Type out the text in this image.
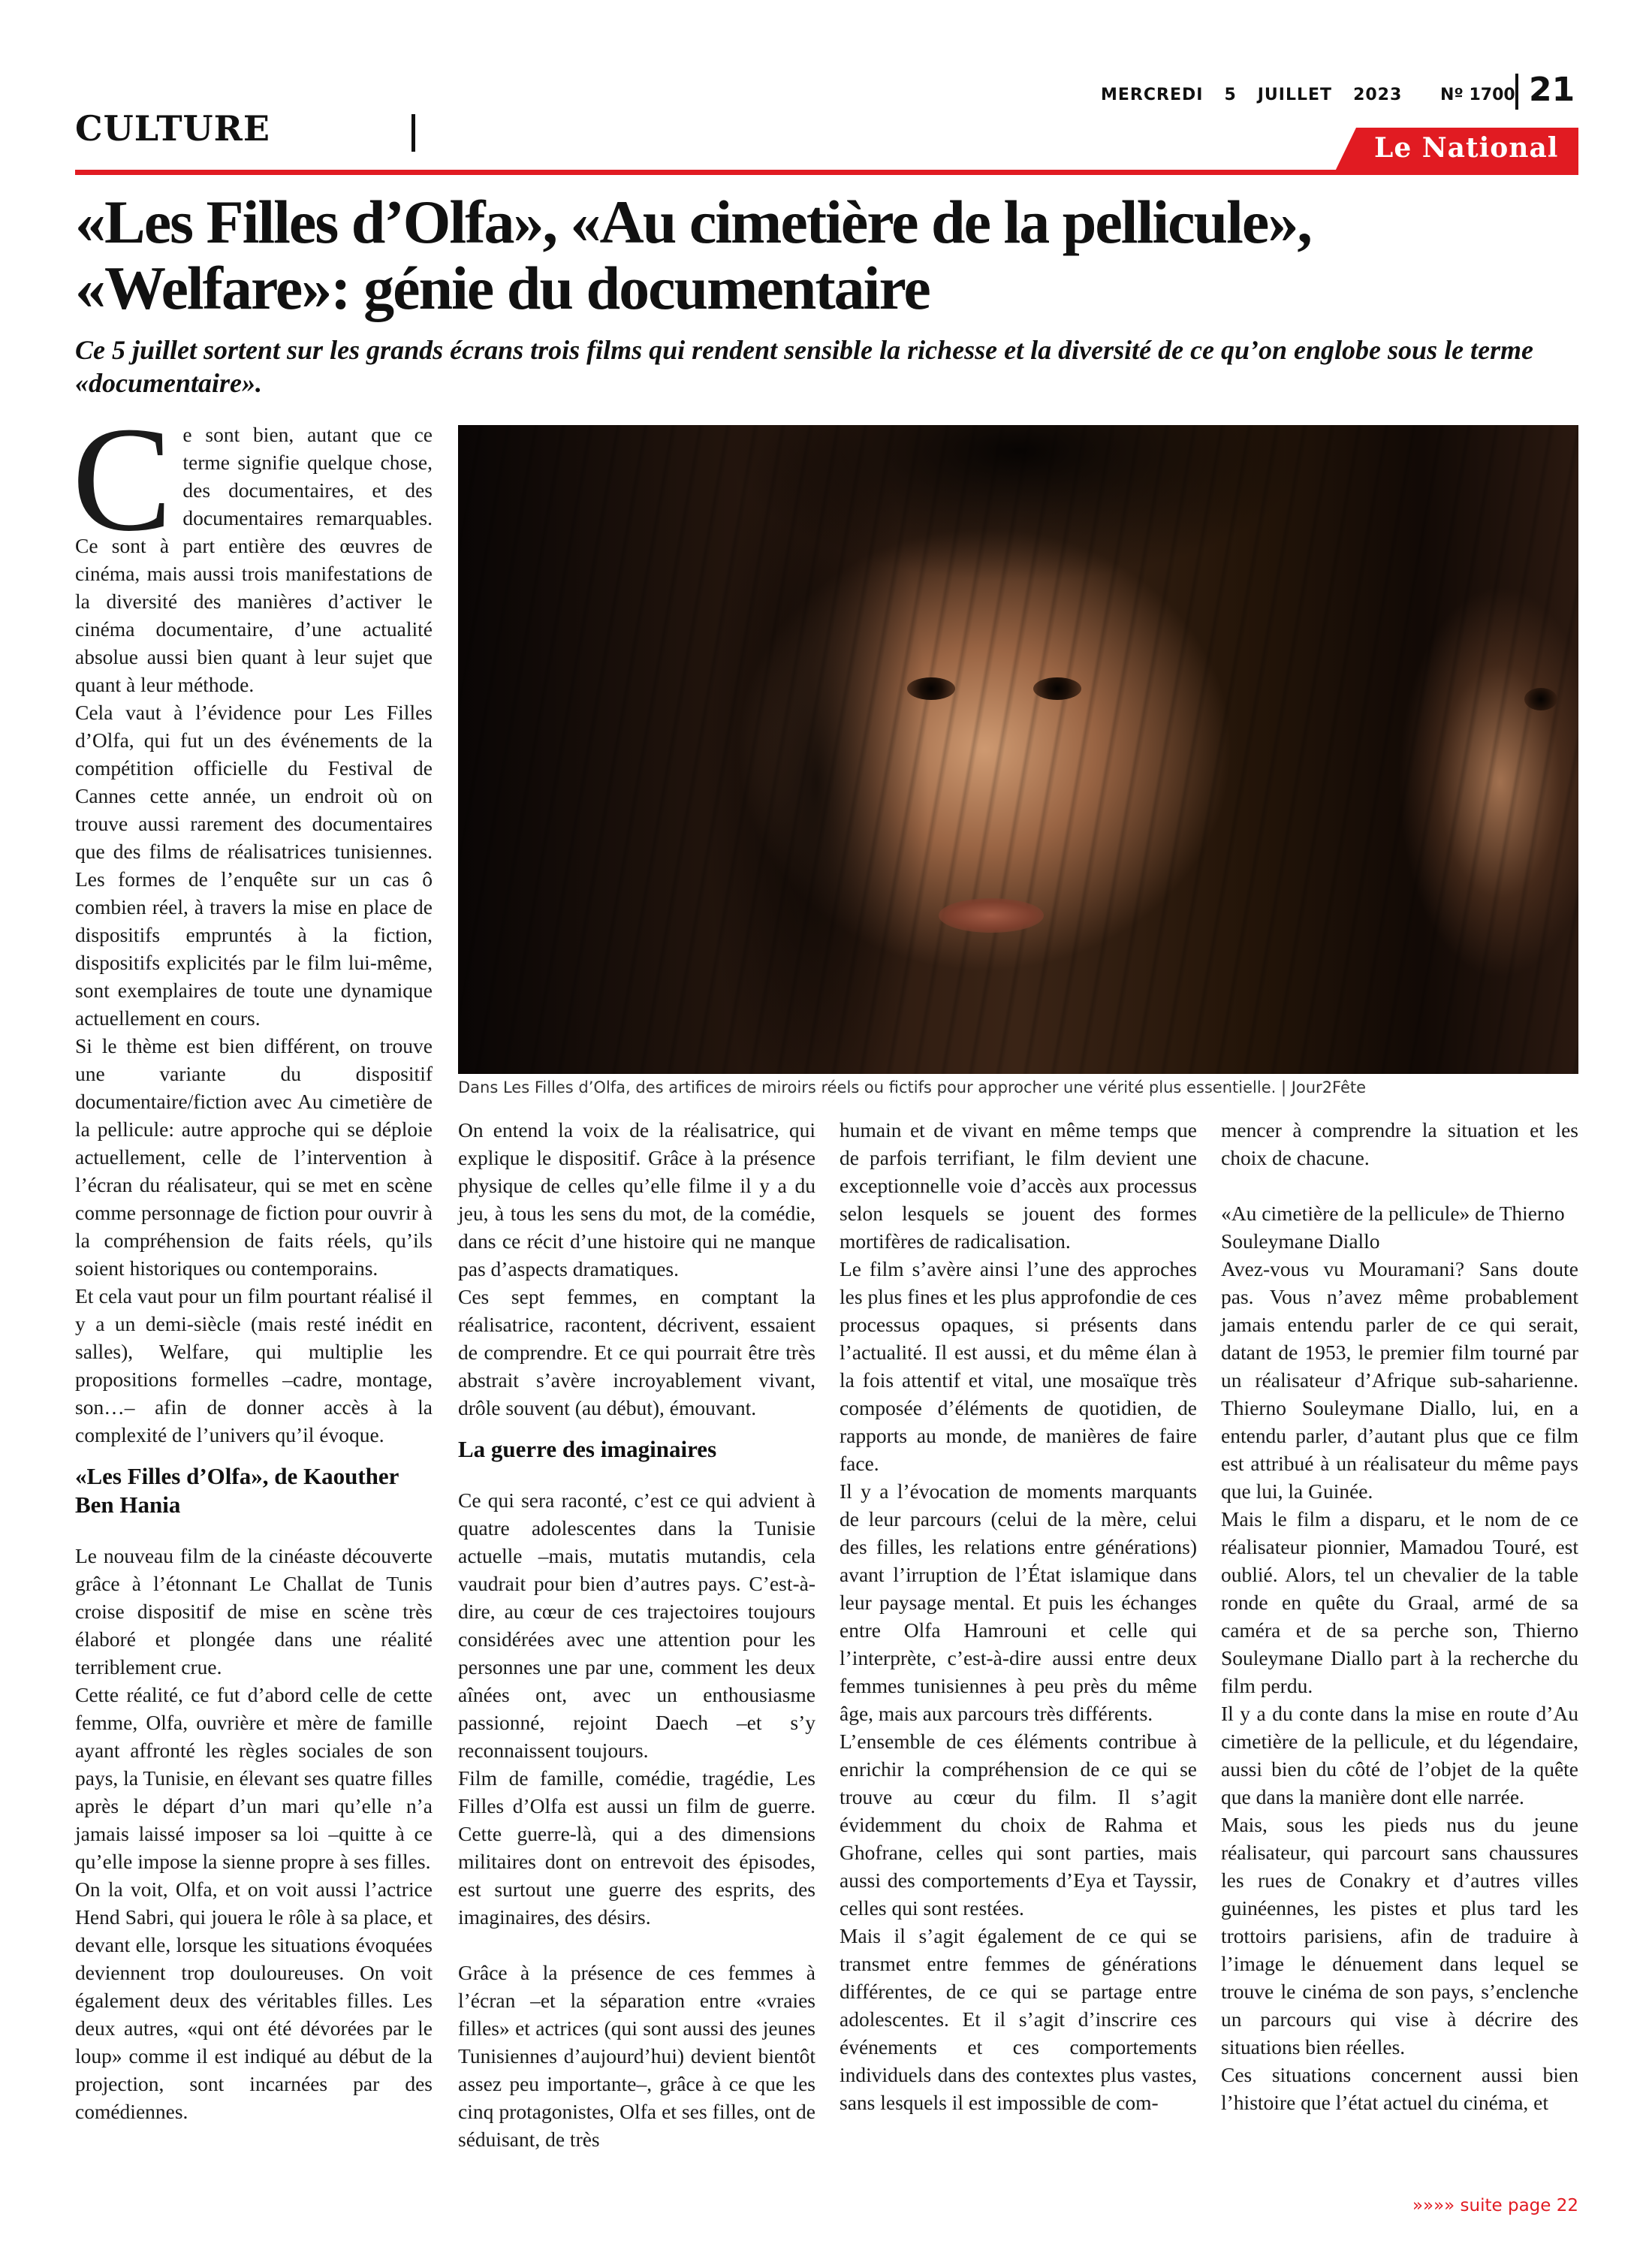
CULTURE
MERCREDI 5 JUILLET 2023	Nº 1700 21
Le National
«Les Filles d’Olfa», «Au cimetière de la pellicule»,
«Welfare»: génie du documentaire
Ce 5 juillet sortent sur les grands écrans trois films qui rendent sensible la richesse et la diversité de ce qu’on englobe sous le terme «documentaire».
Dans Les Filles d’Olfa, des artifices de miroirs réels ou fictifs pour approcher une vérité plus essentielle. | Jour2Fête

Ce sont bien, autant que ce terme signifie quelque chose, des documentaires, et des documentaires remarquables. Ce sont à part entière des œuvres de cinéma, mais aussi trois manifestations de la diversité des manières d’activer le cinéma documentaire, d’une actualité absolue aussi bien quant à leur sujet que quant à leur méthode.

Cela vaut à l’évidence pour Les Filles d’Olfa, qui fut un des événements de la compétition officielle du Festival de Cannes cette année, un endroit où on trouve aussi rarement des documentaires que des films de réalisatrices tunisiennes. Les formes de l’enquête sur un cas ô combien réel, à travers la mise en place de dispositifs empruntés à la fiction, dispositifs explicités par le film lui-même, sont exemplaires de toute une dynamique actuellement en cours.

Si le thème est bien différent, on trouve une variante du dispositif documentaire/fiction avec Au cimetière de la pellicule: autre approche qui se déploie actuellement, celle de l’intervention à l’écran du réalisateur, qui se met en scène comme personnage de fiction pour ouvrir à la compréhension de faits réels, qu’ils soient historiques ou contemporains.

Et cela vaut pour un film pourtant réalisé il y a un demi-siècle (mais resté inédit en salles), Welfare, qui multiplie les propositions formelles –cadre, montage, son…– afin de donner accès à la complexité de l’univers qu’il évoque.

«Les Filles d’Olfa», de Kaouther Ben Hania

Le nouveau film de la cinéaste découverte grâce à l’étonnant Le Challat de Tunis croise dispositif de mise en scène très élaboré et plongée dans une réalité terriblement crue.

Cette réalité, ce fut d’abord celle de cette femme, Olfa, ouvrière et mère de famille ayant affronté les règles sociales de son pays, la Tunisie, en élevant ses quatre filles après le départ d’un mari qu’elle n’a jamais laissé imposer sa loi –quitte à ce qu’elle impose la sienne propre à ses filles.

On la voit, Olfa, et on voit aussi l’actrice Hend Sabri, qui jouera le rôle à sa place, et devant elle, lorsque les situations évoquées deviennent trop douloureuses. On voit également deux des véritables filles. Les deux autres, «qui ont été dévorées par le loup» comme il est indiqué au début de la projection, sont incarnées par des comédiennes.

On entend la voix de la réalisatrice, qui explique le dispositif. Grâce à la présence physique de celles qu’elle filme il y a du jeu, à tous les sens du mot, de la comédie, dans ce récit d’une histoire qui ne manque pas d’aspects dramatiques.

Ces sept femmes, en comptant la réalisatrice, racontent, décrivent, essaient de comprendre. Et ce qui pourrait être très abstrait s’avère incroyablement vivant, drôle souvent (au début), émouvant.

La guerre des imaginaires

Ce qui sera raconté, c’est ce qui advient à quatre adolescentes dans la Tunisie actuelle –mais, mutatis mutandis, cela vaudrait pour bien d’autres pays. C’est-à-dire, au cœur de ces trajectoires toujours considérées avec une attention pour les personnes une par une, comment les deux aînées ont, avec un enthousiasme passionné, rejoint Daech –et s’y reconnaissent toujours.

Film de famille, comédie, tragédie, Les Filles d’Olfa est aussi un film de guerre. Cette guerre-là, qui a des dimensions militaires dont on entrevoit des épisodes, est surtout une guerre des esprits, des imaginaires, des désirs.

Grâce à la présence de ces femmes à l’écran –et la séparation entre «vraies filles» et actrices (qui sont aussi des jeunes Tunisiennes d’aujourd’hui) devient bientôt assez peu importante–, grâce à ce que les cinq protagonistes, Olfa et ses filles, ont de séduisant, de très

humain et de vivant en même temps que de parfois terrifiant, le film devient une exceptionnelle voie d’accès aux processus selon lesquels se jouent des formes mortifères de radicalisation.

Le film s’avère ainsi l’une des approches les plus fines et les plus approfondie de ces processus opaques, si présents dans l’actualité. Il est aussi, et du même élan à la fois attentif et vital, une mosaïque très composée d’éléments de quotidien, de rapports au monde, de manières de faire face.

Il y a l’évocation de moments marquants de leur parcours (celui de la mère, celui des filles, les relations entre générations) avant l’irruption de l’État islamique dans leur paysage mental. Et puis les échanges entre Olfa Hamrouni et celle qui l’interprète, c’est-à-dire aussi entre deux femmes tunisiennes à peu près du même âge, mais aux parcours très différents.

L’ensemble de ces éléments contribue à enrichir la compréhension de ce qui se trouve au cœur du film. Il s’agit évidemment du choix de Rahma et Ghofrane, celles qui sont parties, mais aussi des comportements d’Eya et Tayssir, celles qui sont restées.

Mais il s’agit également de ce qui se transmet entre femmes de générations différentes, de ce qui se partage entre adolescentes. Et il s’agit d’inscrire ces événements et ces comportements individuels dans des contextes plus vastes, sans lesquels il est impossible de com-

mencer à comprendre la situation et les choix de chacune.

«Au cimetière de la pellicule» de Thierno Souleymane Diallo

Avez-vous vu Mouramani? Sans doute pas. Vous n’avez même probablement jamais entendu parler de ce qui serait, datant de 1953, le premier film tourné par un réalisateur d’Afrique sub-saharienne. Thierno Souleymane Diallo, lui, en a entendu parler, d’autant plus que ce film est attribué à un réalisateur du même pays que lui, la Guinée.

Mais le film a disparu, et le nom de ce réalisateur pionnier, Mamadou Touré, est oublié. Alors, tel un chevalier de la table ronde en quête du Graal, armé de sa caméra et de sa perche son, Thierno Souleymane Diallo part à la recherche du film perdu.

Il y a du conte dans la mise en route d’Au cimetière de la pellicule, et du légendaire, aussi bien du côté de l’objet de la quête que dans la manière dont elle narrée.

Mais, sous les pieds nus du jeune réalisateur, qui parcourt sans chaussures les rues de Conakry et d’autres villes guinéennes, les pistes et plus tard les trottoirs parisiens, afin de traduire à l’image le dénuement dans lequel se trouve le cinéma de son pays, s’enclenche un parcours qui vise à décrire des situations bien réelles.

Ces situations concernent aussi bien l’histoire que l’état actuel du cinéma, et

»»»» suite page 22
